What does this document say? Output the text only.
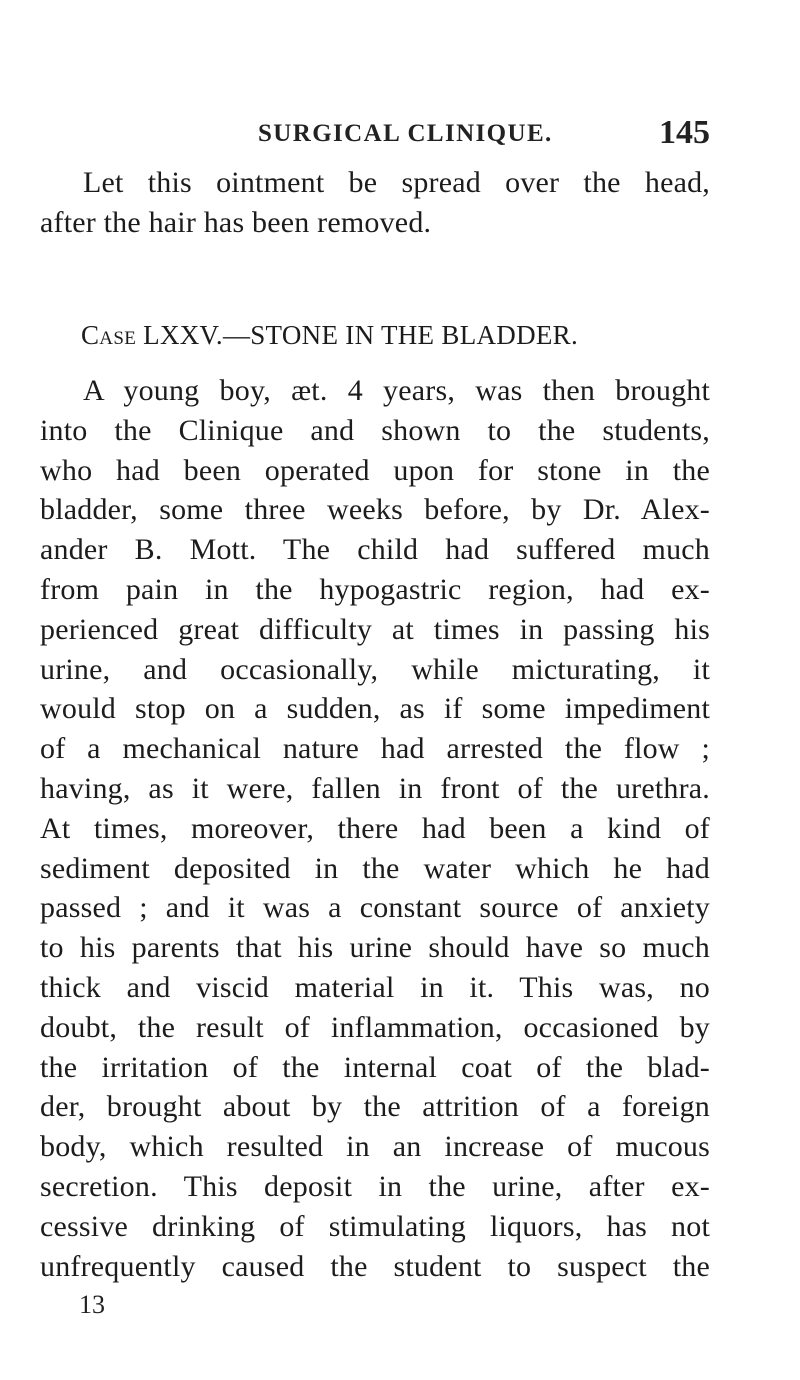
SURGICAL CLINIQUE.	145
Let this ointment be spread over the head,
after the hair has been removed.
Case LXXV.—STONE IN THE BLADDER.
A young boy, æt. 4 years, was then brought
into the Clinique and shown to the students,
who had been operated upon for stone in the
bladder, some three weeks before, by Dr. Alex-
ander B. Mott. The child had suffered much
from pain in the hypogastric region, had ex-
perienced great difficulty at times in passing his
urine, and occasionally, while micturating, it
would stop on a sudden, as if some impediment
of a mechanical nature had arrested the flow ;
having, as it were, fallen in front of the urethra.
At times, moreover, there had been a kind of
sediment deposited in the water which he had
passed ; and it was a constant source of anxiety
to his parents that his urine should have so much
thick and viscid material in it. This was, no
doubt, the result of inflammation, occasioned by
the irritation of the internal coat of the blad-
der, brought about by the attrition of a foreign
body, which resulted in an increase of mucous
secretion. This deposit in the urine, after ex-
cessive drinking of stimulating liquors, has not
unfrequently caused the student to suspect the
13
